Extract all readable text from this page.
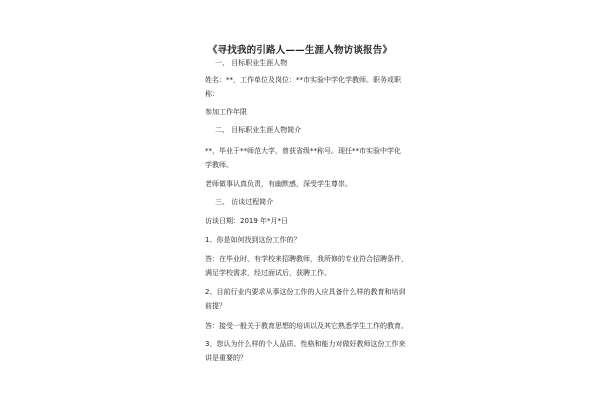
《寻找我的引路人——生涯人物访谈报告》
一、 目标职业生涯人物
姓名：**，工作单位及岗位：**市实验中学化学教师。职务或职
称：
参加工作年限
二、 目标职业生涯人物简介
**，毕业于**师范大学，曾获省级**称号。现任**市实验中学化
学教师。
老师做事认真负责，有幽默感，深受学生尊崇。
三、 访谈过程简介
访谈日期：2019 年*月*日
1、你是如何找到这份工作的？
答：在毕业时，有学校来招聘教师，我所修的专业符合招聘条件，
满足学校需求，经过面试后，获聘工作。
2、目前行业内要求从事这份工作的人应具备什么样的教育和培训
前提？
答：接受一般关于教育思想的培训以及其它熟悉学生工作的教育。
3、您认为什么样的个人品质、性格和能力对做好教师这份工作来
讲是重要的？
